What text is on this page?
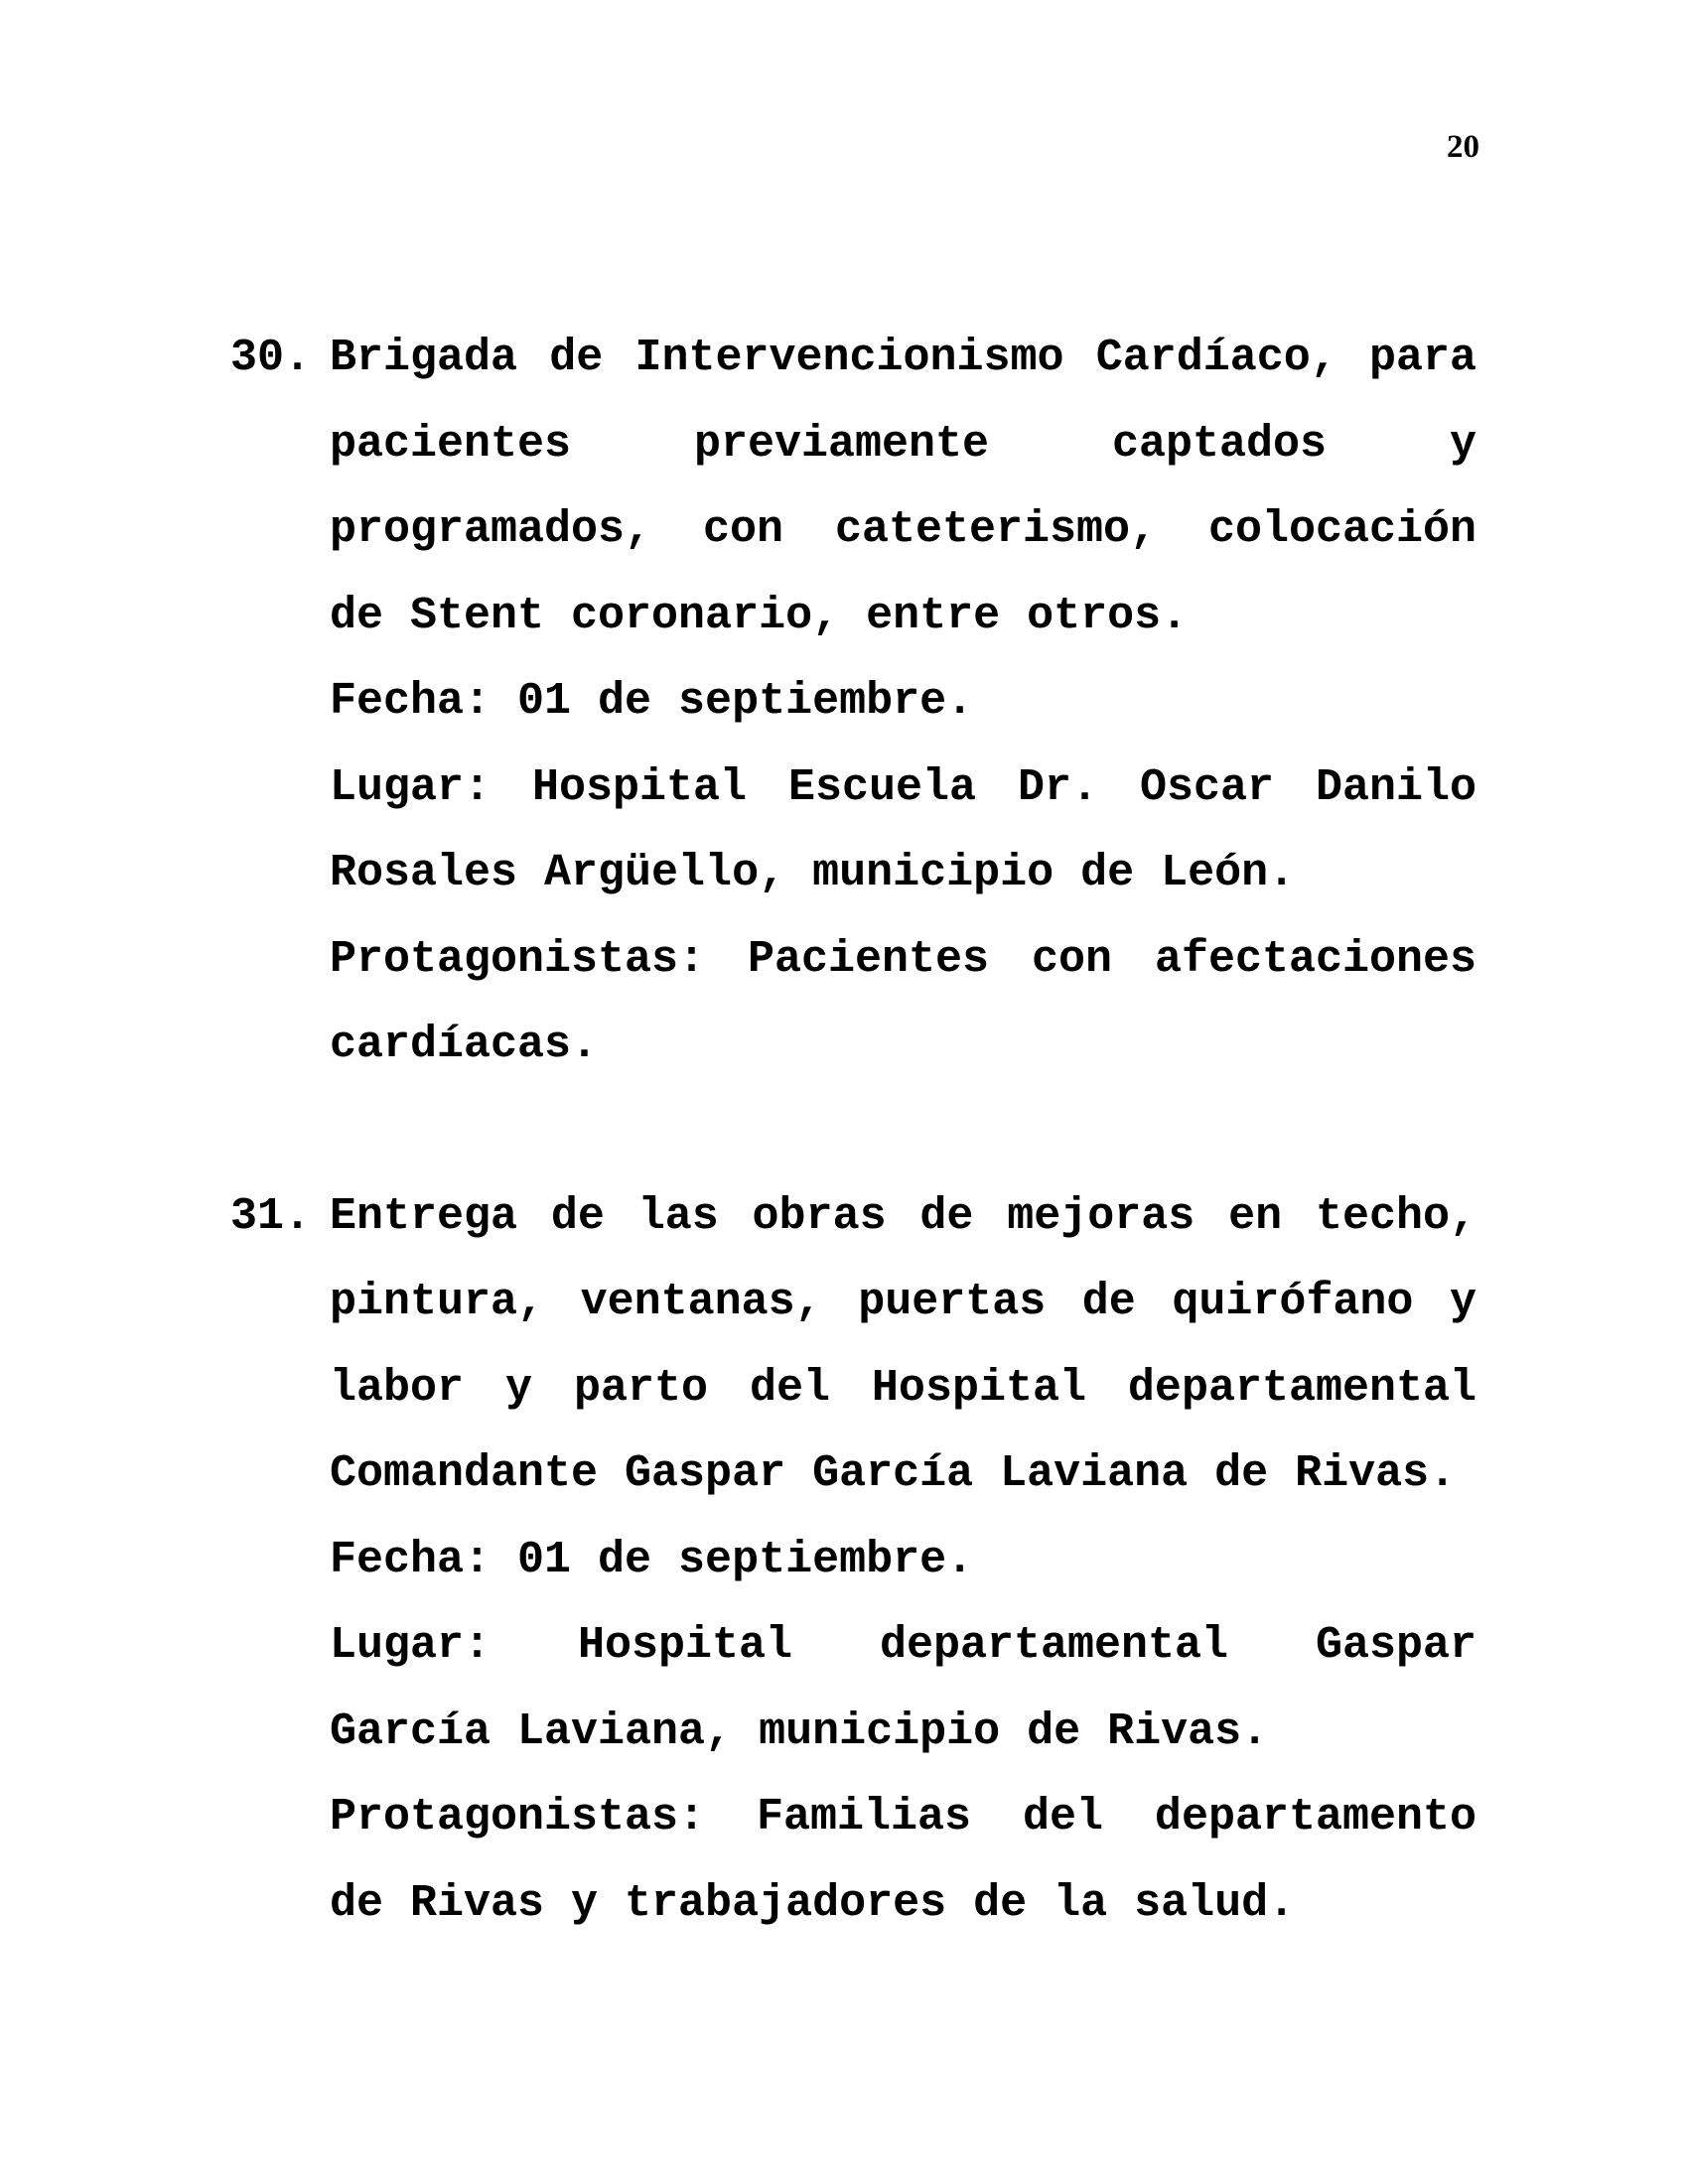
20
30. Brigada de Intervencionismo Cardíaco, para pacientes previamente captados y programados, con cateterismo, colocación de Stent coronario, entre otros.

Fecha: 01 de septiembre.

Lugar: Hospital Escuela Dr. Oscar Danilo Rosales Argüello, municipio de León.

Protagonistas: Pacientes con afectaciones cardíacas.

31. Entrega de las obras de mejoras en techo, pintura, ventanas, puertas de quirófano y labor y parto del Hospital departamental Comandante Gaspar García Laviana de Rivas.

Fecha: 01 de septiembre.

Lugar: Hospital departamental Gaspar García Laviana, municipio de Rivas.

Protagonistas: Familias del departamento de Rivas y trabajadores de la salud.
